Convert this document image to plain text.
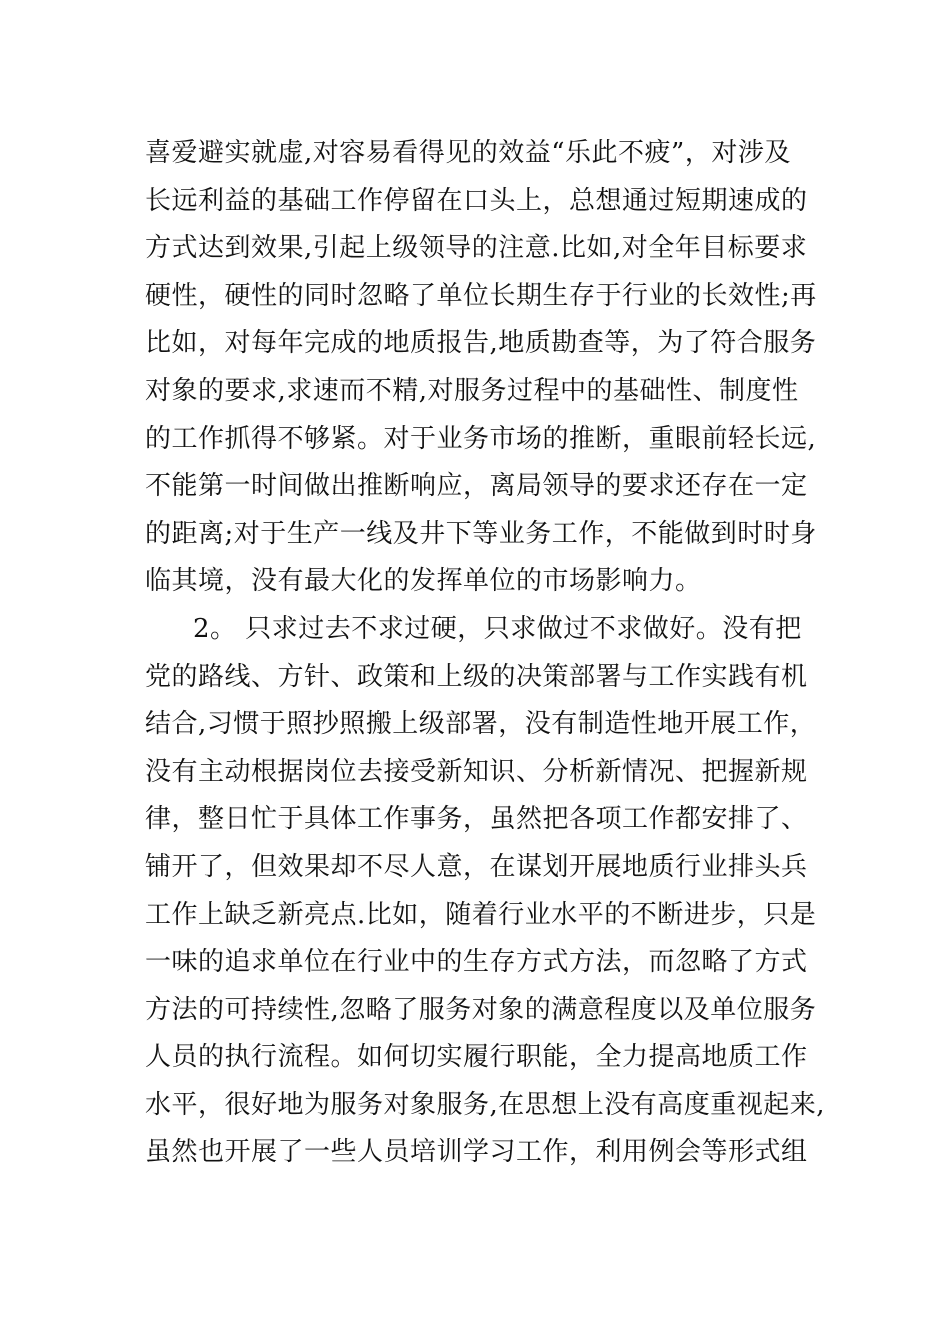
喜爱避实就虚,对容易看得见的效益“乐此不疲”，对涉及
长远利益的基础工作停留在口头上，总想通过短期速成的
方式达到效果,引起上级领导的注意.比如,对全年目标要求
硬性，硬性的同时忽略了单位长期生存于行业的长效性;再
比如，对每年完成的地质报告,地质勘查等，为了符合服务
对象的要求,求速而不精,对服务过程中的基础性、制度性
的工作抓得不够紧。对于业务市场的推断，重眼前轻长远,
不能第一时间做出推断响应，离局领导的要求还存在一定
的距离;对于生产一线及井下等业务工作，不能做到时时身
临其境，没有最大化的发挥单位的市场影响力。
2。 只求过去不求过硬，只求做过不求做好。没有把
党的路线、方针、政策和上级的决策部署与工作实践有机
结合,习惯于照抄照搬上级部署，没有制造性地开展工作，
没有主动根据岗位去接受新知识、分析新情况、把握新规
律，整日忙于具体工作事务，虽然把各项工作都安排了、
铺开了，但效果却不尽人意，在谋划开展地质行业排头兵
工作上缺乏新亮点.比如，随着行业水平的不断进步，只是
一味的追求单位在行业中的生存方式方法，而忽略了方式
方法的可持续性,忽略了服务对象的满意程度以及单位服务
人员的执行流程。如何切实履行职能，全力提高地质工作
水平，很好地为服务对象服务,在思想上没有高度重视起来,
虽然也开展了一些人员培训学习工作，利用例会等形式组
